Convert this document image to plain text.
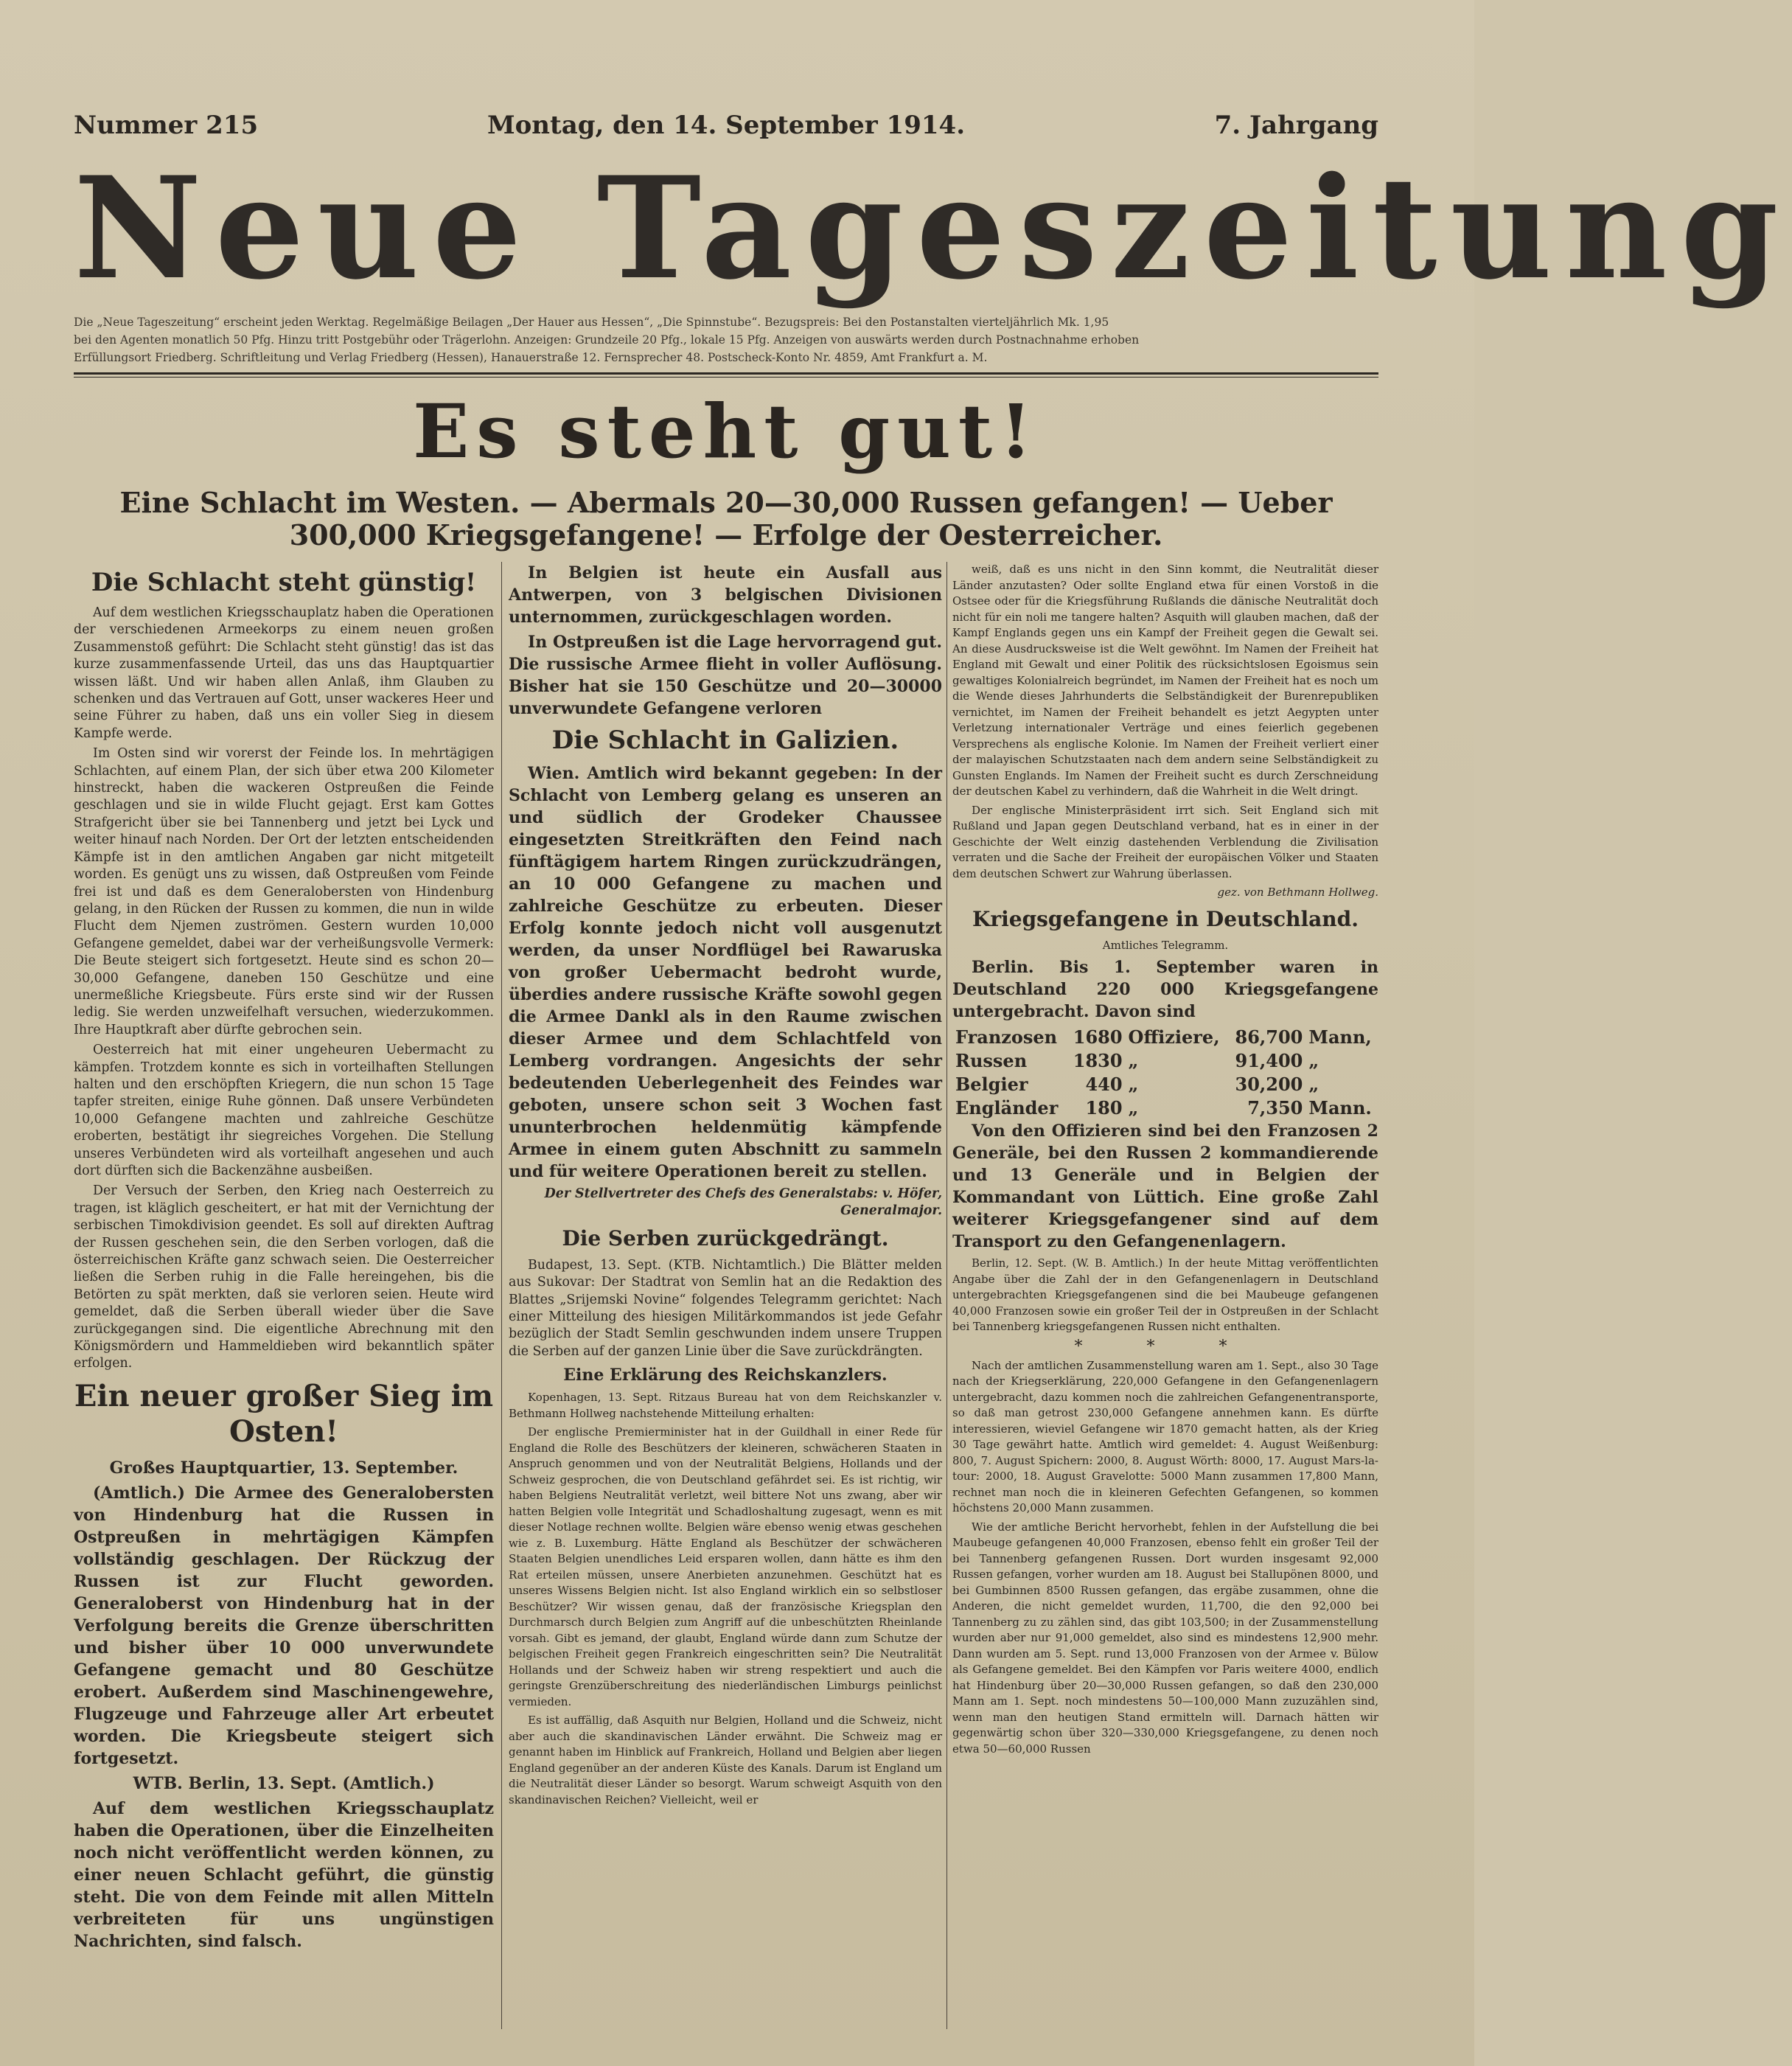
Nummer 215	Montag, den 14. September 1914.	7. Jahrgang
Neue Tageszeitung

Die „Neue Tageszeitung“ erscheint jeden Werktag. Regelmäßige Beilagen „Der Hauer aus Hessen“, „Die Spinnstube“. Bezugspreis: Bei den Postanstalten vierteljährlich Mk. 1,95

bei den Agenten monatlich 50 Pfg. Hinzu tritt Postgebühr oder Trägerlohn. Anzeigen: Grundzeile 20 Pfg., lokale 15 Pfg. Anzeigen von auswärts werden durch Postnachnahme erhoben

Erfüllungsort Friedberg. Schriftleitung und Verlag Friedberg (Hessen), Hanauerstraße 12. Fernsprecher 48. Postscheck-Konto Nr. 4859, Amt Frankfurt a. M.

Es steht gut!
Eine Schlacht im Westen. — Abermals 20—30,000 Russen gefangen! — Ueber 300,000 Kriegsgefangene! — Erfolge der Oesterreicher.
Die Schlacht steht günstig!

Auf dem westlichen Kriegsschauplatz haben die Operationen der verschiedenen Armeekorps zu einem neuen großen Zusammenstoß geführt: Die Schlacht steht günstig! das ist das kurze zusammenfassende Urteil, das uns das Hauptquartier wissen läßt. Und wir haben allen Anlaß, ihm Glauben zu schenken und das Vertrauen auf Gott, unser wackeres Heer und seine Führer zu haben, daß uns ein voller Sieg in diesem Kampfe werde.

Im Osten sind wir vorerst der Feinde los. In mehrtägigen Schlachten, auf einem Plan, der sich über etwa 200 Kilometer hinstreckt, haben die wackeren Ostpreußen die Feinde geschlagen und sie in wilde Flucht gejagt. Erst kam Gottes Strafgericht über sie bei Tannenberg und jetzt bei Lyck und weiter hinauf nach Norden. Der Ort der letzten entscheidenden Kämpfe ist in den amtlichen Angaben gar nicht mitgeteilt worden. Es genügt uns zu wissen, daß Ostpreußen vom Feinde frei ist und daß es dem Generalobersten von Hindenburg gelang, in den Rücken der Russen zu kommen, die nun in wilde Flucht dem Njemen zuströmen. Gestern wurden 10,000 Gefangene gemeldet, dabei war der verheißungsvolle Vermerk: Die Beute steigert sich fortgesetzt. Heute sind es schon 20—30,000 Gefangene, daneben 150 Geschütze und eine unermeßliche Kriegsbeute. Fürs erste sind wir der Russen ledig. Sie werden unzweifelhaft versuchen, wiederzukommen. Ihre Hauptkraft aber dürfte gebrochen sein.

Oesterreich hat mit einer ungeheuren Uebermacht zu kämpfen. Trotzdem konnte es sich in vorteilhaften Stellungen halten und den erschöpften Kriegern, die nun schon 15 Tage tapfer streiten, einige Ruhe gönnen. Daß unsere Verbündeten 10,000 Gefangene machten und zahlreiche Geschütze eroberten, bestätigt ihr siegreiches Vorgehen. Die Stellung unseres Verbündeten wird als vorteilhaft angesehen und auch dort dürften sich die Backenzähne ausbeißen.

Der Versuch der Serben, den Krieg nach Oesterreich zu tragen, ist kläglich gescheitert, er hat mit der Vernichtung der serbischen Timokdivision geendet. Es soll auf direkten Auftrag der Russen geschehen sein, die den Serben vorlogen, daß die österreichischen Kräfte ganz schwach seien. Die Oesterreicher ließen die Serben ruhig in die Falle hereingehen, bis die Betörten zu spät merkten, daß sie verloren seien. Heute wird gemeldet, daß die Serben überall wieder über die Save zurückgegangen sind. Die eigentliche Abrechnung mit den Königsmördern und Hammeldieben wird bekanntlich später erfolgen.

Ein neuer großer Sieg im Osten!

Großes Hauptquartier, 13. September.

(Amtlich.) Die Armee des Generalobersten von Hindenburg hat die Russen in Ostpreußen in mehrtägigen Kämpfen vollständig geschlagen. Der Rückzug der Russen ist zur Flucht geworden. Generaloberst von Hindenburg hat in der Verfolgung bereits die Grenze überschritten und bisher über 10 000 unverwundete Gefangene gemacht und 80 Geschütze erobert. Außerdem sind Maschinengewehre, Flugzeuge und Fahrzeuge aller Art erbeutet worden. Die Kriegsbeute steigert sich fortgesetzt.

WTB. Berlin, 13. Sept. (Amtlich.)

Auf dem westlichen Kriegsschauplatz haben die Operationen, über die Einzelheiten noch nicht veröffentlicht werden können, zu einer neuen Schlacht geführt, die günstig steht. Die von dem Feinde mit allen Mitteln verbreiteten für uns ungünstigen Nachrichten, sind falsch.

In Belgien ist heute ein Ausfall aus Antwerpen, von 3 belgischen Divisionen unternommen, zurückgeschlagen worden.

In Ostpreußen ist die Lage hervorragend gut. Die russische Armee flieht in voller Auflösung. Bisher hat sie 150 Geschütze und 20—30000 unverwundete Gefangene verloren

Die Schlacht in Galizien.

Wien. Amtlich wird bekannt gegeben: In der Schlacht von Lemberg gelang es unseren an und südlich der Grodeker Chaussee eingesetzten Streitkräften den Feind nach fünftägigem hartem Ringen zurückzudrängen, an 10 000 Gefangene zu machen und zahlreiche Geschütze zu erbeuten. Dieser Erfolg konnte jedoch nicht voll ausgenutzt werden, da unser Nordflügel bei Rawaruska von großer Uebermacht bedroht wurde, überdies andere russische Kräfte sowohl gegen die Armee Dankl als in den Raume zwischen dieser Armee und dem Schlachtfeld von Lemberg vordrangen. Angesichts der sehr bedeutenden Ueberlegenheit des Feindes war geboten, unsere schon seit 3 Wochen fast ununterbrochen heldenmütig kämpfende Armee in einem guten Abschnitt zu sammeln und für weitere Operationen bereit zu stellen.

Der Stellvertreter des Chefs des Generalstabs: v. Höfer, Generalmajor.

Die Serben zurückgedrängt.

Budapest, 13. Sept. (KTB. Nichtamtlich.) Die Blätter melden aus Sukovar: Der Stadtrat von Semlin hat an die Redaktion des Blattes „Srijemski Novine“ folgendes Telegramm gerichtet: Nach einer Mitteilung des hiesigen Militärkommandos ist jede Gefahr bezüglich der Stadt Semlin geschwunden indem unsere Truppen die Serben auf der ganzen Linie über die Save zurückdrängten.

Eine Erklärung des Reichskanzlers.

Kopenhagen, 13. Sept. Ritzaus Bureau hat von dem Reichskanzler v. Bethmann Hollweg nachstehende Mitteilung erhalten:

Der englische Premierminister hat in der Guildhall in einer Rede für England die Rolle des Beschützers der kleineren, schwächeren Staaten in Anspruch genommen und von der Neutralität Belgiens, Hollands und der Schweiz gesprochen, die von Deutschland gefährdet sei. Es ist richtig, wir haben Belgiens Neutralität verletzt, weil bittere Not uns zwang, aber wir hatten Belgien volle Integrität und Schadloshaltung zugesagt, wenn es mit dieser Notlage rechnen wollte. Belgien wäre ebenso wenig etwas geschehen wie z. B. Luxemburg. Hätte England als Beschützer der schwächeren Staaten Belgien unendliches Leid ersparen wollen, dann hätte es ihm den Rat erteilen müssen, unsere Anerbieten anzunehmen. Geschützt hat es unseres Wissens Belgien nicht. Ist also England wirklich ein so selbstloser Beschützer? Wir wissen genau, daß der französische Kriegsplan den Durchmarsch durch Belgien zum Angriff auf die unbeschützten Rheinlande vorsah. Gibt es jemand, der glaubt, England würde dann zum Schutze der belgischen Freiheit gegen Frankreich eingeschritten sein? Die Neutralität Hollands und der Schweiz haben wir streng respektiert und auch die geringste Grenzüberschreitung des niederländischen Limburgs peinlichst vermieden.

Es ist auffällig, daß Asquith nur Belgien, Holland und die Schweiz, nicht aber auch die skandinavischen Länder erwähnt. Die Schweiz mag er genannt haben im Hinblick auf Frankreich, Holland und Belgien aber liegen England gegenüber an der anderen Küste des Kanals. Darum ist England um die Neutralität dieser Länder so besorgt. Warum schweigt Asquith von den skandinavischen Reichen? Vielleicht, weil er

weiß, daß es uns nicht in den Sinn kommt, die Neutralität dieser Länder anzutasten? Oder sollte England etwa für einen Vorstoß in die Ostsee oder für die Kriegsführung Rußlands die dänische Neutralität doch nicht für ein noli me tangere halten? Asquith will glauben machen, daß der Kampf Englands gegen uns ein Kampf der Freiheit gegen die Gewalt sei. An diese Ausdrucksweise ist die Welt gewöhnt. Im Namen der Freiheit hat England mit Gewalt und einer Politik des rücksichtslosen Egoismus sein gewaltiges Kolonialreich begründet, im Namen der Freiheit hat es noch um die Wende dieses Jahrhunderts die Selbständigkeit der Burenrepubliken vernichtet, im Namen der Freiheit behandelt es jetzt Aegypten unter Verletzung internationaler Verträge und eines feierlich gegebenen Versprechens als englische Kolonie. Im Namen der Freiheit verliert einer der malayischen Schutzstaaten nach dem andern seine Selbständigkeit zu Gunsten Englands. Im Namen der Freiheit sucht es durch Zerschneidung der deutschen Kabel zu verhindern, daß die Wahrheit in die Welt dringt.

Der englische Ministerpräsident irrt sich. Seit England sich mit Rußland und Japan gegen Deutschland verband, hat es in einer in der Geschichte der Welt einzig dastehenden Verblendung die Zivilisation verraten und die Sache der Freiheit der europäischen Völker und Staaten dem deutschen Schwert zur Wahrung überlassen.

gez. von Bethmann Hollweg.

Kriegsgefangene in Deutschland.

Amtliches Telegramm.

Berlin. Bis 1. September waren in Deutschland 220 000 Kriegsgefangene untergebracht. Davon sind

Franzosen	1680	Offiziere,	86,700	Mann,
Russen	1830	„	91,400	„
Belgier	440	„	30,200	„
Engländer	180	„	7,350	Mann.

Von den Offizieren sind bei den Franzosen 2 Generäle, bei den Russen 2 kommandierende und 13 Generäle und in Belgien der Kommandant von Lüttich. Eine große Zahl weiterer Kriegsgefangener sind auf dem Transport zu den Gefangenenlagern.

Berlin, 12. Sept. (W. B. Amtlich.) In der heute Mittag veröffentlichten Angabe über die Zahl der in den Gefangenenlagern in Deutschland untergebrachten Kriegsgefangenen sind die bei Maubeuge gefangenen 40,000 Franzosen sowie ein großer Teil der in Ostpreußen in der Schlacht bei Tannenberg kriegsgefangenen Russen nicht enthalten.

* * *

Nach der amtlichen Zusammenstellung waren am 1. Sept., also 30 Tage nach der Kriegserklärung, 220,000 Gefangene in den Gefangenenlagern untergebracht, dazu kommen noch die zahlreichen Gefangenentransporte, so daß man getrost 230,000 Gefangene annehmen kann. Es dürfte interessieren, wieviel Gefangene wir 1870 gemacht hatten, als der Krieg 30 Tage gewährt hatte. Amtlich wird gemeldet: 4. August Weißenburg: 800, 7. August Spichern: 2000, 8. August Wörth: 8000, 17. August Mars-la-tour: 2000, 18. August Gravelotte: 5000 Mann zusammen 17,800 Mann, rechnet man noch die in kleineren Gefechten Gefangenen, so kommen höchstens 20,000 Mann zusammen.

Wie der amtliche Bericht hervorhebt, fehlen in der Aufstellung die bei Maubeuge gefangenen 40,000 Franzosen, ebenso fehlt ein großer Teil der bei Tannenberg gefangenen Russen. Dort wurden insgesamt 92,000 Russen gefangen, vorher wurden am 18. August bei Stallupönen 8000, und bei Gumbinnen 8500 Russen gefangen, das ergäbe zusammen, ohne die Anderen, die nicht gemeldet wurden, 11,700, die den 92,000 bei Tannenberg zu zu zählen sind, das gibt 103,500; in der Zusammenstellung wurden aber nur 91,000 gemeldet, also sind es mindestens 12,900 mehr. Dann wurden am 5. Sept. rund 13,000 Franzosen von der Armee v. Bülow als Gefangene gemeldet. Bei den Kämpfen vor Paris weitere 4000, endlich hat Hindenburg über 20—30,000 Russen gefangen, so daß den 230,000 Mann am 1. Sept. noch mindestens 50—100,000 Mann zuzuzählen sind, wenn man den heutigen Stand ermitteln will. Darnach hätten wir gegenwärtig schon über 320—330,000 Kriegsgefangene, zu denen noch etwa 50—60,000 Russen
